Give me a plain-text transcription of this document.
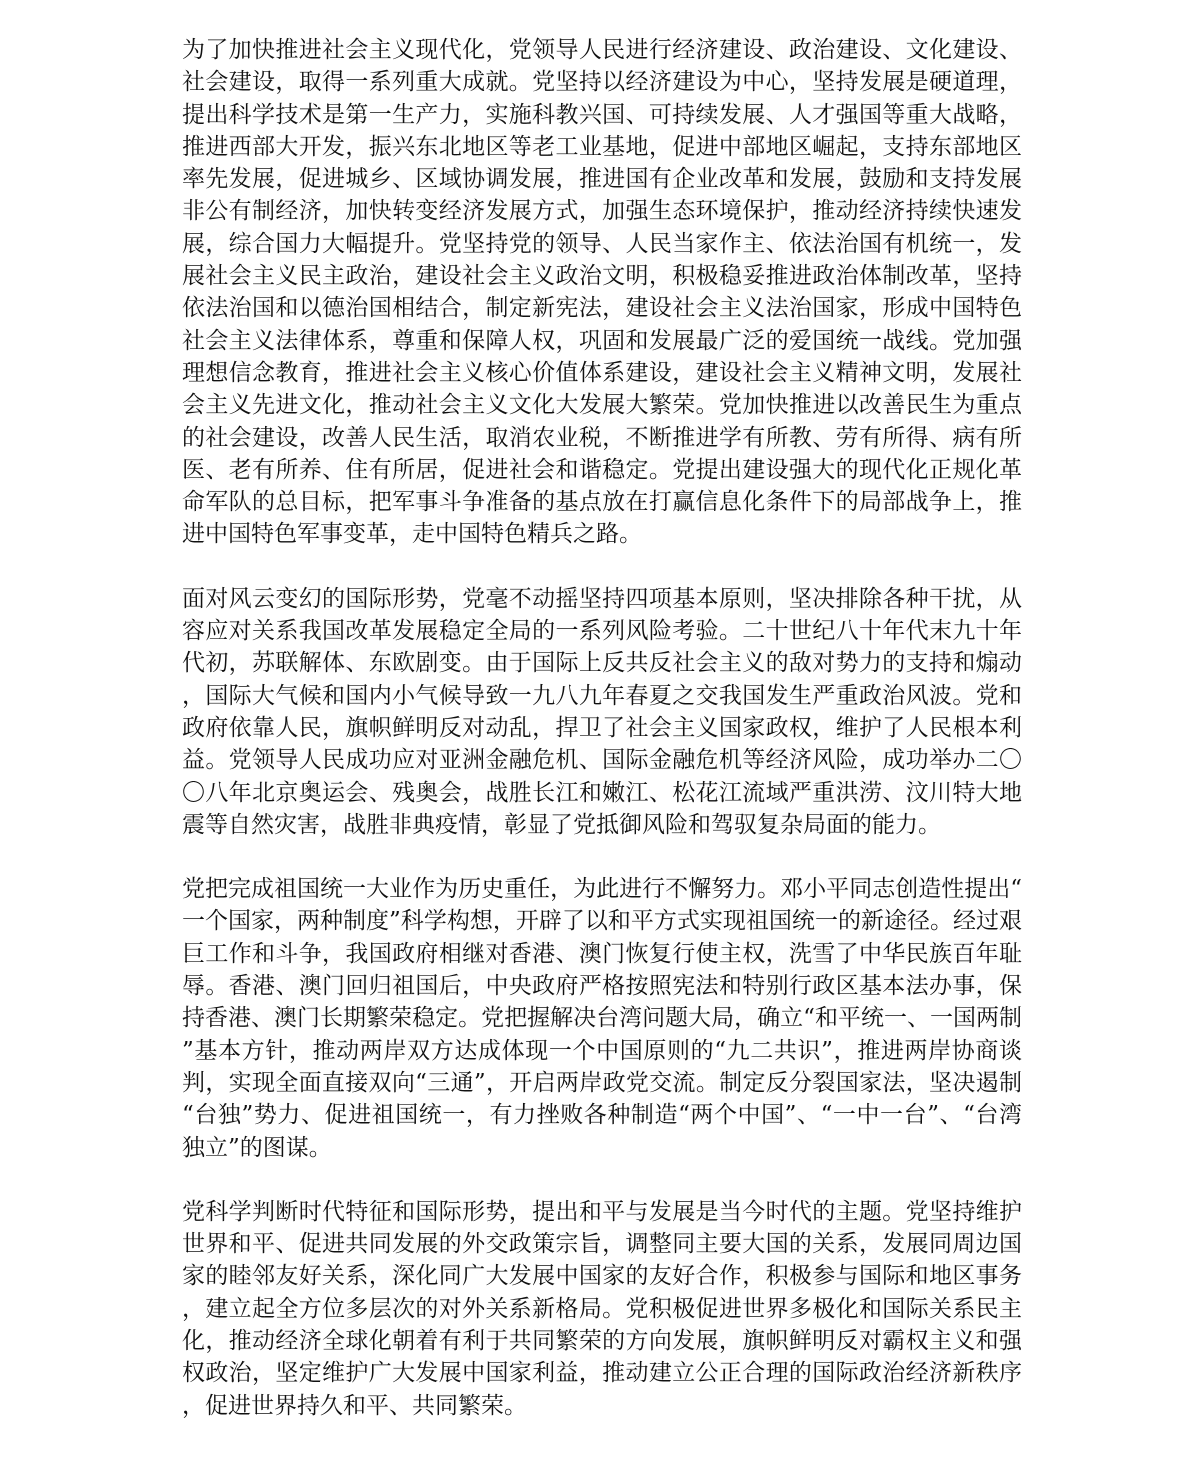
为了加快推进社会主义现代化，党领导人民进行经济建设、政治建设、文化建设、社会建设，取得一系列重大成就。党坚持以经济建设为中心，坚持发展是硬道理，提出科学技术是第一生产力，实施科教兴国、可持续发展、人才强国等重大战略，推进西部大开发，振兴东北地区等老工业基地，促进中部地区崛起，支持东部地区率先发展，促进城乡、区域协调发展，推进国有企业改革和发展，鼓励和支持发展非公有制经济，加快转变经济发展方式，加强生态环境保护，推动经济持续快速发展，综合国力大幅提升。党坚持党的领导、人民当家作主、依法治国有机统一，发展社会主义民主政治，建设社会主义政治文明，积极稳妥推进政治体制改革，坚持依法治国和以德治国相结合，制定新宪法，建设社会主义法治国家，形成中国特色社会主义法律体系，尊重和保障人权，巩固和发展最广泛的爱国统一战线。党加强理想信念教育，推进社会主义核心价值体系建设，建设社会主义精神文明，发展社会主义先进文化，推动社会主义文化大发展大繁荣。党加快推进以改善民生为重点的社会建设，改善人民生活，取消农业税，不断推进学有所教、劳有所得、病有所医、老有所养、住有所居，促进社会和谐稳定。党提出建设强大的现代化正规化革命军队的总目标，把军事斗争准备的基点放在打赢信息化条件下的局部战争上，推进中国特色军事变革，走中国特色精兵之路。

面对风云变幻的国际形势，党毫不动摇坚持四项基本原则，坚决排除各种干扰，从容应对关系我国改革发展稳定全局的一系列风险考验。二十世纪八十年代末九十年代初，苏联解体、东欧剧变。由于国际上反共反社会主义的敌对势力的支持和煽动，国际大气候和国内小气候导致一九八九年春夏之交我国发生严重政治风波。党和政府依靠人民，旗帜鲜明反对动乱，捍卫了社会主义国家政权，维护了人民根本利益。党领导人民成功应对亚洲金融危机、国际金融危机等经济风险，成功举办二〇〇八年北京奥运会、残奥会，战胜长江和嫩江、松花江流域严重洪涝、汶川特大地震等自然灾害，战胜非典疫情，彰显了党抵御风险和驾驭复杂局面的能力。

党把完成祖国统一大业作为历史重任，为此进行不懈努力。邓小平同志创造性提出“一个国家，两种制度”科学构想，开辟了以和平方式实现祖国统一的新途径。经过艰巨工作和斗争，我国政府相继对香港、澳门恢复行使主权，洗雪了中华民族百年耻辱。香港、澳门回归祖国后，中央政府严格按照宪法和特别行政区基本法办事，保持香港、澳门长期繁荣稳定。党把握解决台湾问题大局，确立“和平统一、一国两制”基本方针，推动两岸双方达成体现一个中国原则的“九二共识”，推进两岸协商谈判，实现全面直接双向“三通”，开启两岸政党交流。制定反分裂国家法，坚决遏制“台独”势力、促进祖国统一，有力挫败各种制造“两个中国”、“一中一台”、“台湾独立”的图谋。

党科学判断时代特征和国际形势，提出和平与发展是当今时代的主题。党坚持维护世界和平、促进共同发展的外交政策宗旨，调整同主要大国的关系，发展同周边国家的睦邻友好关系，深化同广大发展中国家的友好合作，积极参与国际和地区事务，建立起全方位多层次的对外关系新格局。党积极促进世界多极化和国际关系民主化，推动经济全球化朝着有利于共同繁荣的方向发展，旗帜鲜明反对霸权主义和强权政治，坚定维护广大发展中国家利益，推动建立公正合理的国际政治经济新秩序，促进世界持久和平、共同繁荣。
